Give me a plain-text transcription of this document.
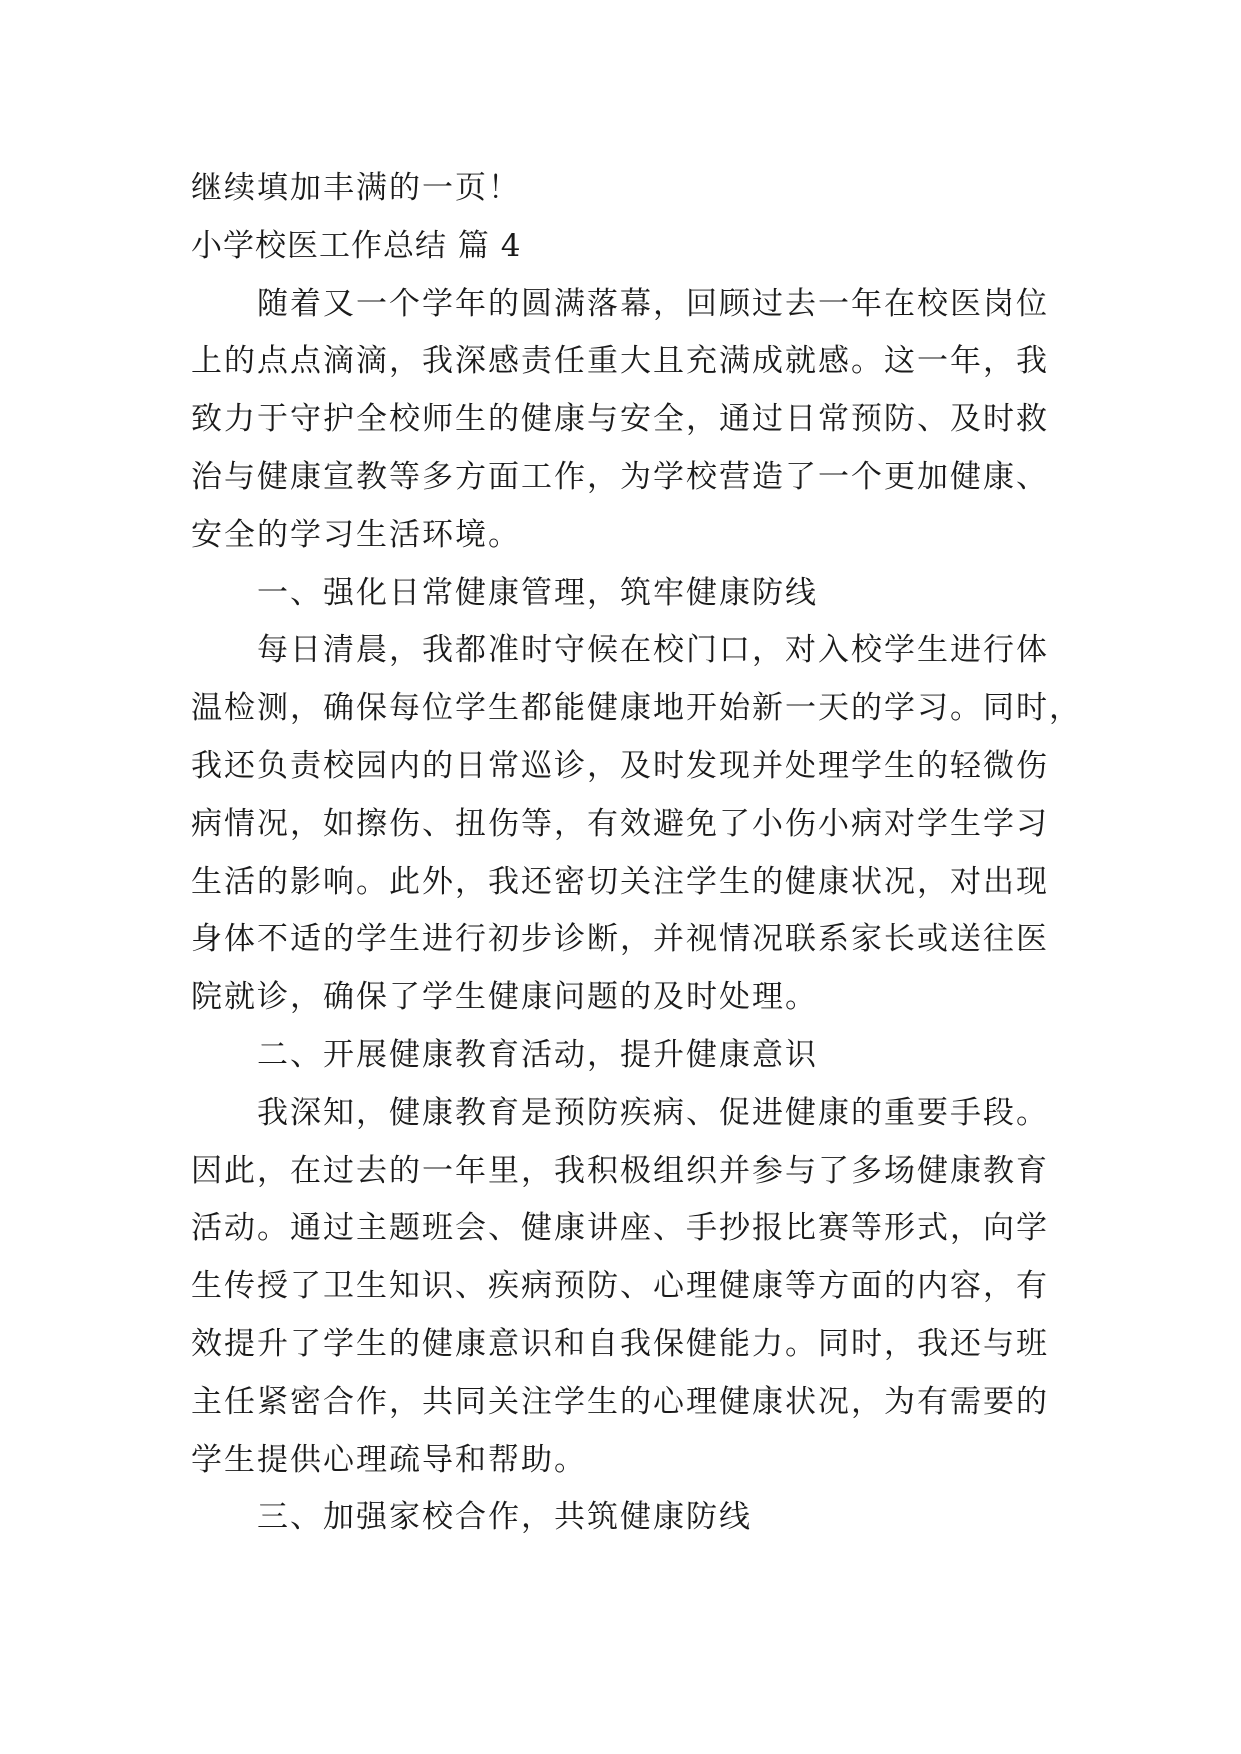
继续填加丰满的一页！

小学校医工作总结 篇 4

随着又一个学年的圆满落幕，回顾过去一年在校医岗位

上的点点滴滴，我深感责任重大且充满成就感。这一年，我

致力于守护全校师生的健康与安全，通过日常预防、及时救

治与健康宣教等多方面工作，为学校营造了一个更加健康、

安全的学习生活环境。

一、强化日常健康管理，筑牢健康防线

每日清晨，我都准时守候在校门口，对入校学生进行体

温检测，确保每位学生都能健康地开始新一天的学习。同时，

我还负责校园内的日常巡诊，及时发现并处理学生的轻微伤

病情况，如擦伤、扭伤等，有效避免了小伤小病对学生学习

生活的影响。此外，我还密切关注学生的健康状况，对出现

身体不适的学生进行初步诊断，并视情况联系家长或送往医

院就诊，确保了学生健康问题的及时处理。

二、开展健康教育活动，提升健康意识

我深知，健康教育是预防疾病、促进健康的重要手段。

因此，在过去的一年里，我积极组织并参与了多场健康教育

活动。通过主题班会、健康讲座、手抄报比赛等形式，向学

生传授了卫生知识、疾病预防、心理健康等方面的内容，有

效提升了学生的健康意识和自我保健能力。同时，我还与班

主任紧密合作，共同关注学生的心理健康状况，为有需要的

学生提供心理疏导和帮助。

三、加强家校合作，共筑健康防线
